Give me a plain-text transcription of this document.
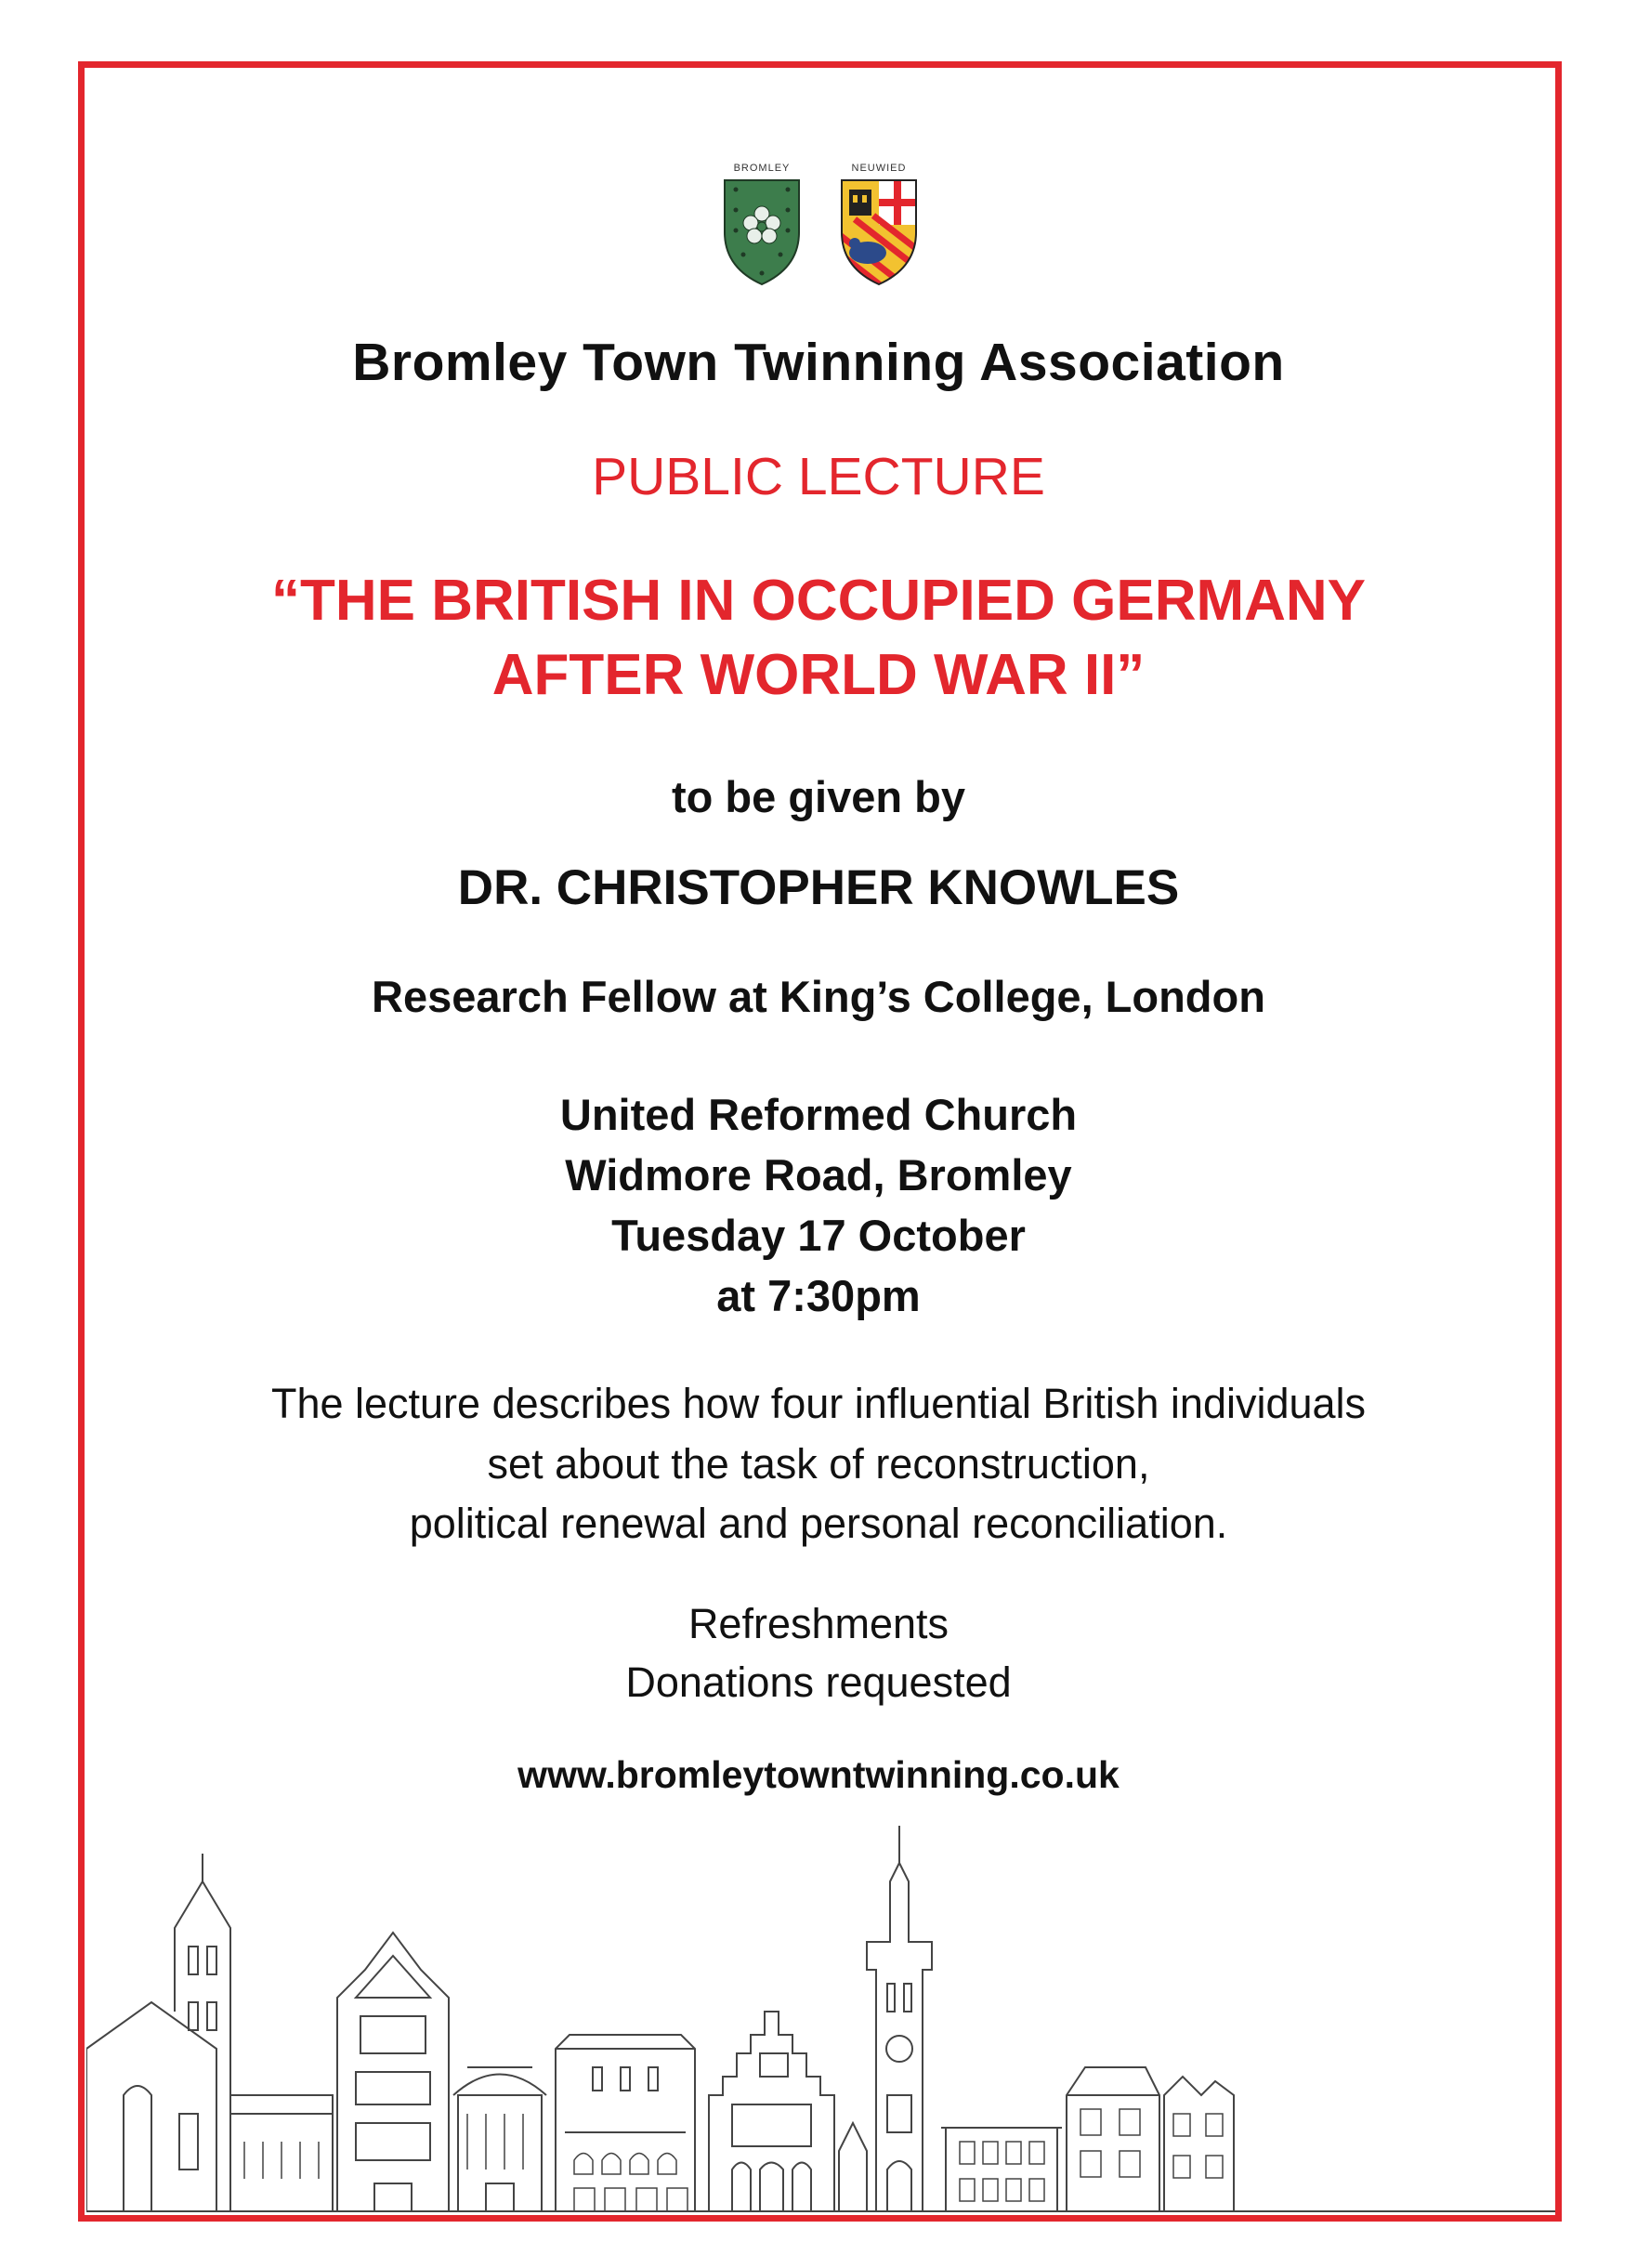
BROMLEY	NEUWIED
Bromley Town Twinning Association
PUBLIC LECTURE
“THE BRITISH IN OCCUPIED GERMANY
AFTER WORLD WAR II”
to be given by
DR. CHRISTOPHER KNOWLES
Research Fellow at King’s College, London
United Reformed Church
Widmore Road, Bromley
Tuesday 17 October
at 7:30pm
The lecture describes how four influential British individuals
set about the task of reconstruction,
political renewal and personal reconciliation.
Refreshments
Donations requested
www.bromleytowntwinning.co.uk
